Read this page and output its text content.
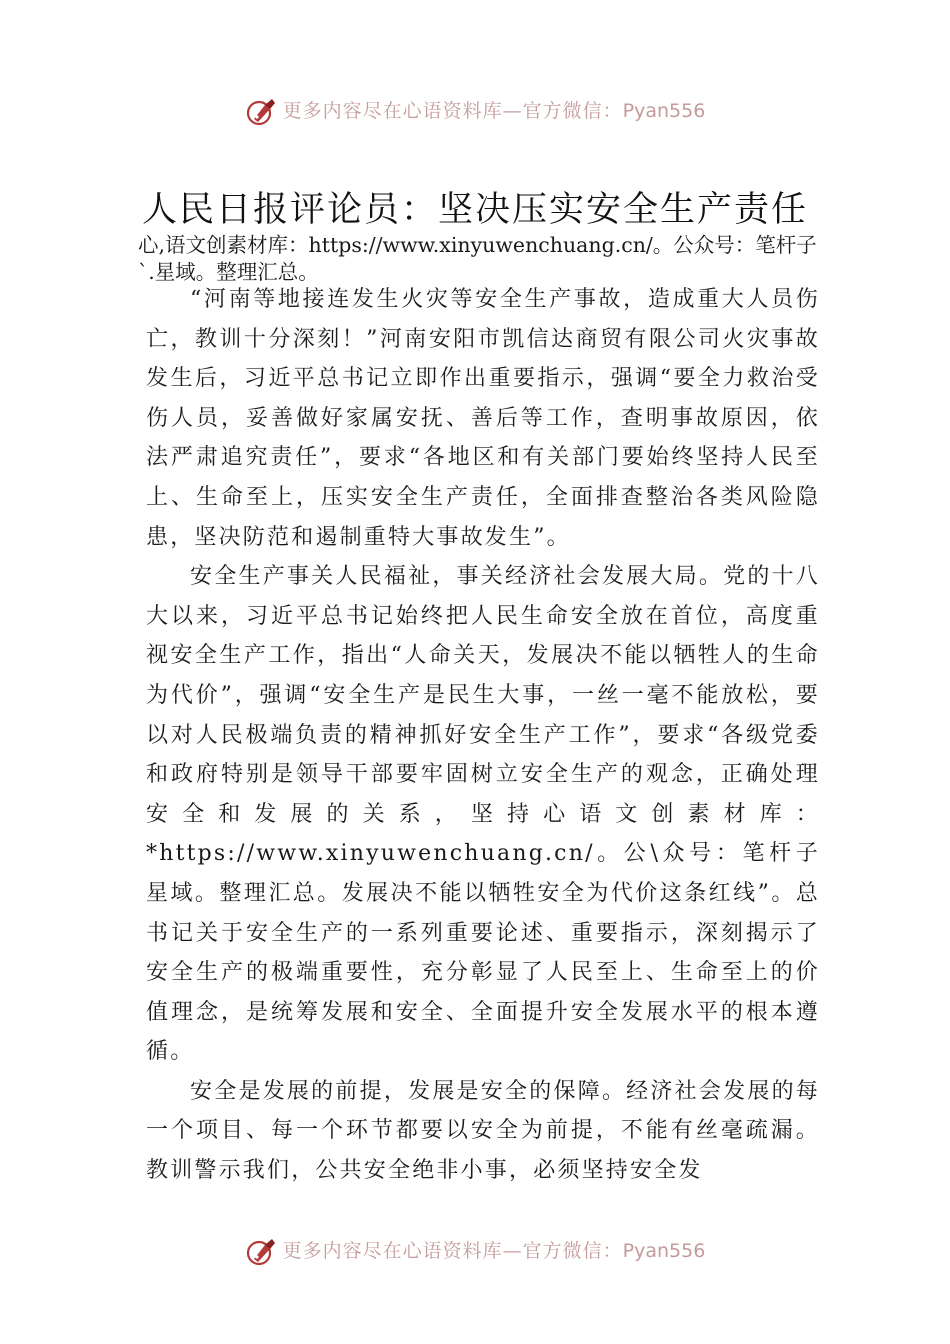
更多内容尽在心语资料库—官方微信：Pyan556
人民日报评论员：坚决压实安全生产责任
心,语文创素材库：https://www.xinyuwenchuang.cn/。公众号：笔杆子`.星域。整理汇总。

“河南等地接连发生火灾等安全生产事故，造成重大人员伤亡，教训十分深刻！”河南安阳市凯信达商贸有限公司火灾事故发生后，习近平总书记立即作出重要指示，强调“要全力救治受伤人员，妥善做好家属安抚、善后等工作，查明事故原因，依法严肃追究责任”，要求“各地区和有关部门要始终坚持人民至上、生命至上，压实安全生产责任，全面排查整治各类风险隐患，坚决防范和遏制重特大事故发生”。

安全生产事关人民福祉，事关经济社会发展大局。党的十八大以来，习近平总书记始终把人民生命安全放在首位，高度重视安全生产工作，指出“人命关天，发展决不能以牺牲人的生命为代价”，强调“安全生产是民生大事，一丝一毫不能放松，要以对人民极端负责的精神抓好安全生产工作”，要求“各级党委和政府特别是领导干部要牢固树立安全生产的观念，正确处理安全和发展的关系，坚持心语文创素材库：*https://www.xinyuwenchuang.cn/。公\众号：笔杆子星域。整理汇总。发展决不能以牺牲安全为代价这条红线”。总书记关于安全生产的一系列重要论述、重要指示，深刻揭示了安全生产的极端重要性，充分彰显了人民至上、生命至上的价值理念，是统筹发展和安全、全面提升安全发展水平的根本遵循。

安全是发展的前提，发展是安全的保障。经济社会发展的每一个项目、每一个环节都要以安全为前提，不能有丝毫疏漏。教训警示我们，公共安全绝非小事，必须坚持安全发

更多内容尽在心语资料库—官方微信：Pyan556
